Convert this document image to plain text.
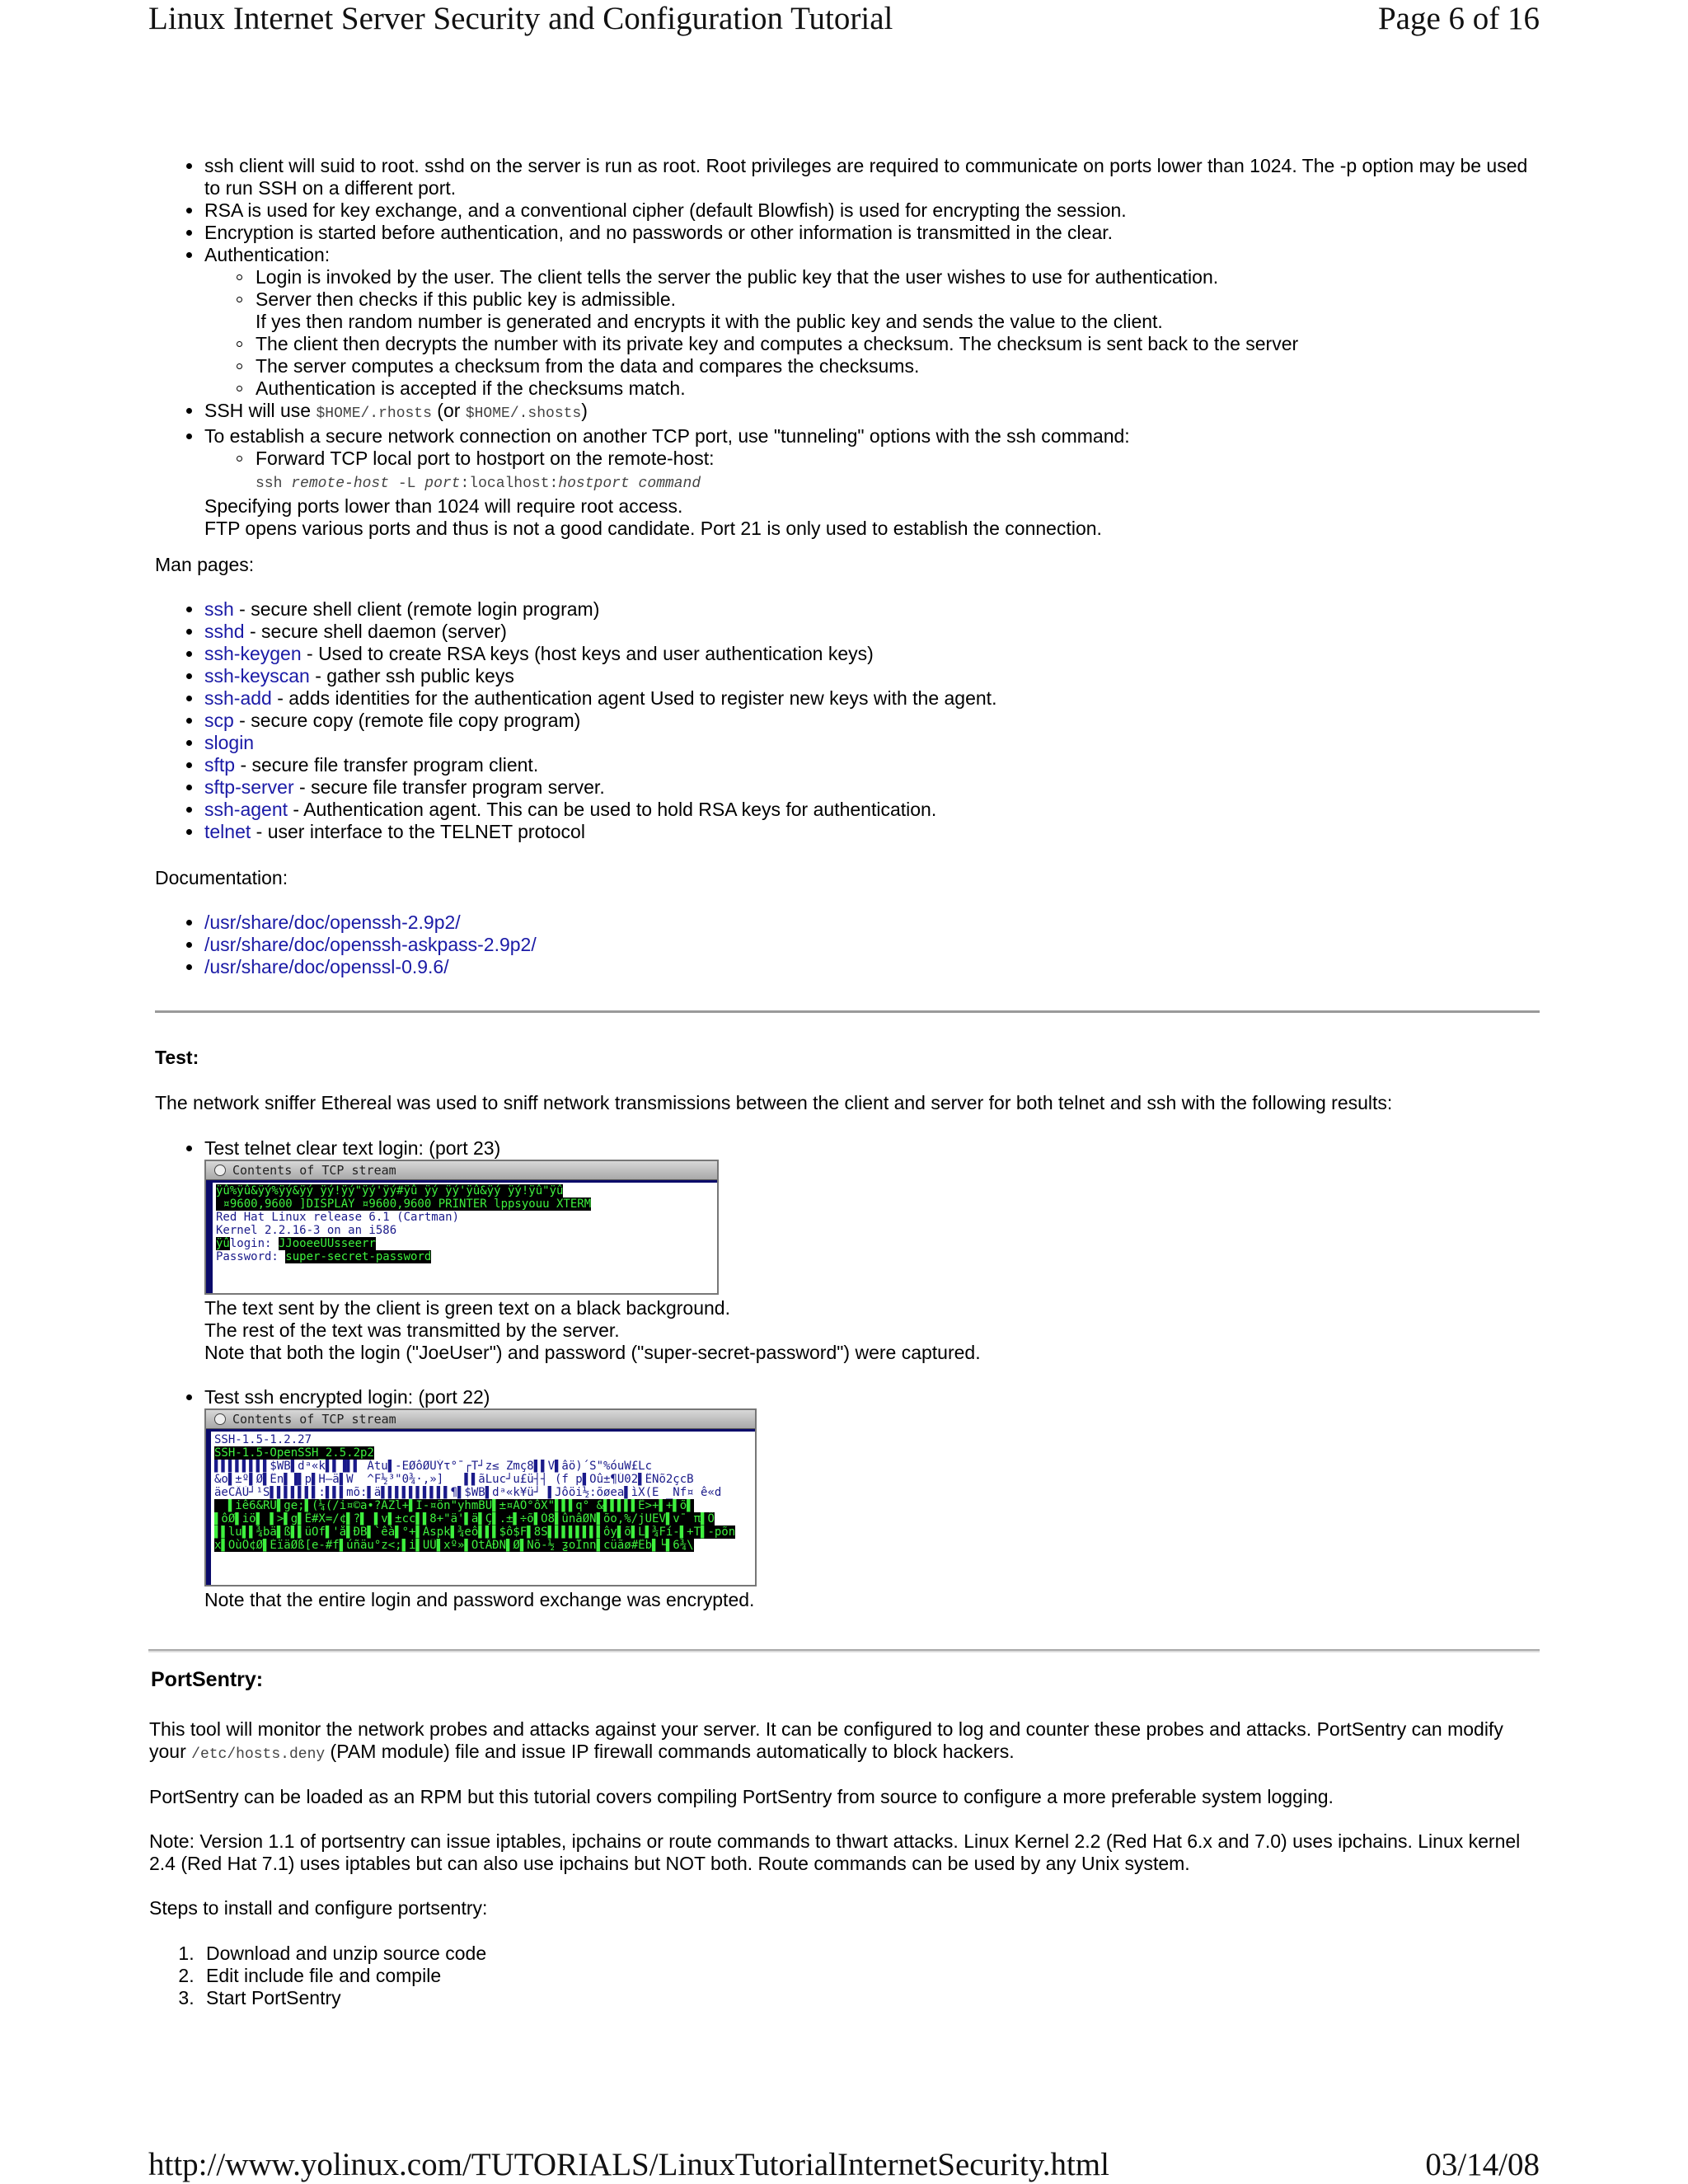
Linux Internet Server Security and Configuration Tutorial	Page 6 of 16
ssh client will suid to root. sshd on the server is run as root. Root privileges are required to communicate on ports lower than 1024. The -p option may be used to run SSH on a different port.
RSA is used for key exchange, and a conventional cipher (default Blowfish) is used for encrypting the session.
Encryption is started before authentication, and no passwords or other information is transmitted in the clear.
Authentication:
Login is invoked by the user. The client tells the server the public key that the user wishes to use for authentication.
Server then checks if this public key is admissible.
If yes then random number is generated and encrypts it with the public key and sends the value to the client.
The client then decrypts the number with its private key and computes a checksum. The checksum is sent back to the server
The server computes a checksum from the data and compares the checksums.
Authentication is accepted if the checksums match.
SSH will use $HOME/.rhosts (or $HOME/.shosts)
To establish a secure network connection on another TCP port, use "tunneling" options with the ssh command:
Forward TCP local port to hostport on the remote-host:
ssh remote-host -L port:localhost:hostport command
Specifying ports lower than 1024 will require root access.
FTP opens various ports and thus is not a good candidate. Port 21 is only used to establish the connection.
Man pages:
ssh - secure shell client (remote login program)
sshd - secure shell daemon (server)
ssh-keygen - Used to create RSA keys (host keys and user authentication keys)
ssh-keyscan - gather ssh public keys
ssh-add - adds identities for the authentication agent Used to register new keys with the agent.
scp - secure copy (remote file copy program)
slogin
sftp - secure file transfer program client.
sftp-server - secure file transfer program server.
ssh-agent - Authentication agent. This can be used to hold RSA keys for authentication.
telnet - user interface to the TELNET protocol
Documentation:
/usr/share/doc/openssh-2.9p2/
/usr/share/doc/openssh-askpass-2.9p2/
/usr/share/doc/openssl-0.9.6/
Test:
The network sniffer Ethereal was used to sniff network transmissions between the client and server for both telnet and ssh with the following results:
Test telnet clear text login: (port 23)
Contents of TCP stream
ÿû%ÿû&ÿý%ÿý&ÿý ÿý!ÿý"ÿý'ÿý#ÿû ÿý ÿý'ÿû&ÿý ÿý!ÿû"ÿû
¤9600,9600 ]DISPLAY ¤9600,9600 PRINTER lppsyouu XTERM
Red Hat Linux release 6.1 (Cartman)
Kernel 2.2.16-3 on an i586
ÿûlogin: JJooeeUUsseerr
Password: super-secret-password
The text sent by the client is green text on a black background.
The rest of the text was transmitted by the server.
Note that both the login ("JoeUser") and password ("super-secret-password") were captured.
Test ssh encrypted login: (port 22)
Contents of TCP stream
SSH-1.5-1.2.27
SSH-1.5-OpenSSH_2.5.2p2
▌▌▌▌▌▌▌▌$WB▌dᵃ«k▌▌▐▌▌ Átu▌-EØôØUÝτ°¯┌T┘z≤ Zmç8▌▌V▌âö)´S"%óuW£Lc
&o▌±º▌Ø▌Ên▌▐▌p▌H–ä▌W  ^F½³"0¾·,»]   ▌▌ãLuc┘u£ü┤┤ (f p▌Öû±¶Ú02▌ÊNõ2çcB
äeCÂÙ┘¹S▌▌▌▌▌▌▌:▌▌▌mõ:▌ä▌▌▌▌▌▌▌▌▌▌¶▌$WB▌dᵃ«k¥ü┘ ▌Jôöi½:õøea▌ìX(E _Nf¤ ê«d
▌iê6&RU▌ge;▌(¼(/i¤©a•?ÃZl+▌I-¤ön"yhmBU▌±¤ÃÔ°ôX"▌▌▌q° &▌▌▌▌▌Ê>+▌+▌õ▌
▌ôØ▌iö▌ ▌>▌g▌Ë#X=/¢▌?▌ ▌v▌±cc▌▌8+"ä'▌ä▌Ç▌.±▌÷õ▌Ó8▌ûnâØN▌õo,%/jUEV▌v¯ π▌Ô
▌▌lu▌▌¾bä▌ß▌▌üÖf▌'å▌ÐB▌`êà▌°+▌Àspk▌¾eô▌▌▌$ô$F▌8S▌▌▌▌▌▌▌▌ôy▌õ▌L▌¾Fí-▌+T▌-põn
x▌ÖùÔ¢Ø▌ÉïäØß[e-#f▌úñäu°z<;▌i▌UÛ▌xº»▌ÖtÂÐN▌Ø▌Nõ-½ ƺoÏnn▌cüãø#Ëb▌└▌6¾\
Note that the entire login and password exchange was encrypted.
PortSentry:
This tool will monitor the network probes and attacks against your server. It can be configured to log and counter these probes and attacks. PortSentry can modify your /etc/hosts.deny (PAM module) file and issue IP firewall commands automatically to block hackers.
PortSentry can be loaded as an RPM but this tutorial covers compiling PortSentry from source to configure a more preferable system logging.
Note: Version 1.1 of portsentry can issue iptables, ipchains or route commands to thwart attacks. Linux Kernel 2.2 (Red Hat 6.x and 7.0) uses ipchains. Linux kernel 2.4 (Red Hat 7.1) uses iptables but can also use ipchains but NOT both. Route commands can be used by any Unix system.
Steps to install and configure portsentry:
1. Download and unzip source code
2. Edit include file and compile
3. Start PortSentry
http://www.yolinux.com/TUTORIALS/LinuxTutorialInternetSecurity.html	03/14/08
